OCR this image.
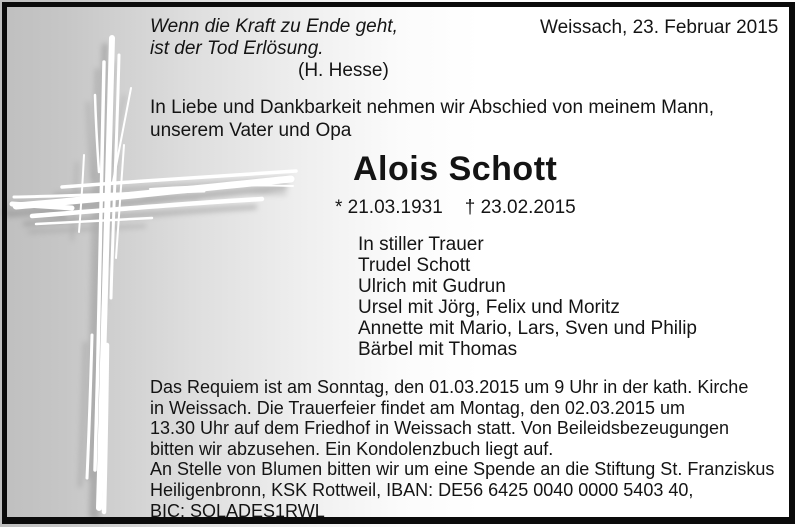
Wenn die Kraft zu Ende geht,
ist der Tod Erlösung.
(H. Hesse)
Weissach, 23. Februar 2015
In Liebe und Dankbarkeit nehmen wir Abschied von meinem Mann,
unserem Vater und Opa
Alois Schott
* 21.03.1931 † 23.02.2015
In stiller Trauer
Trudel Schott
Ulrich mit Gudrun
Ursel mit Jörg, Felix und Moritz
Annette mit Mario, Lars, Sven und Philip
Bärbel mit Thomas
Das Requiem ist am Sonntag, den 01.03.2015 um 9 Uhr in der kath. Kirche
in Weissach. Die Trauerfeier findet am Montag, den 02.03.2015 um
13.30 Uhr auf dem Friedhof in Weissach statt. Von Beileidsbezeugungen
bitten wir abzusehen. Ein Kondolenzbuch liegt auf.
An Stelle von Blumen bitten wir um eine Spende an die Stiftung St. Franziskus
Heiligenbronn, KSK Rottweil, IBAN: DE56 6425 0040 0000 5403 40,
BIC: SOLADES1RWL
